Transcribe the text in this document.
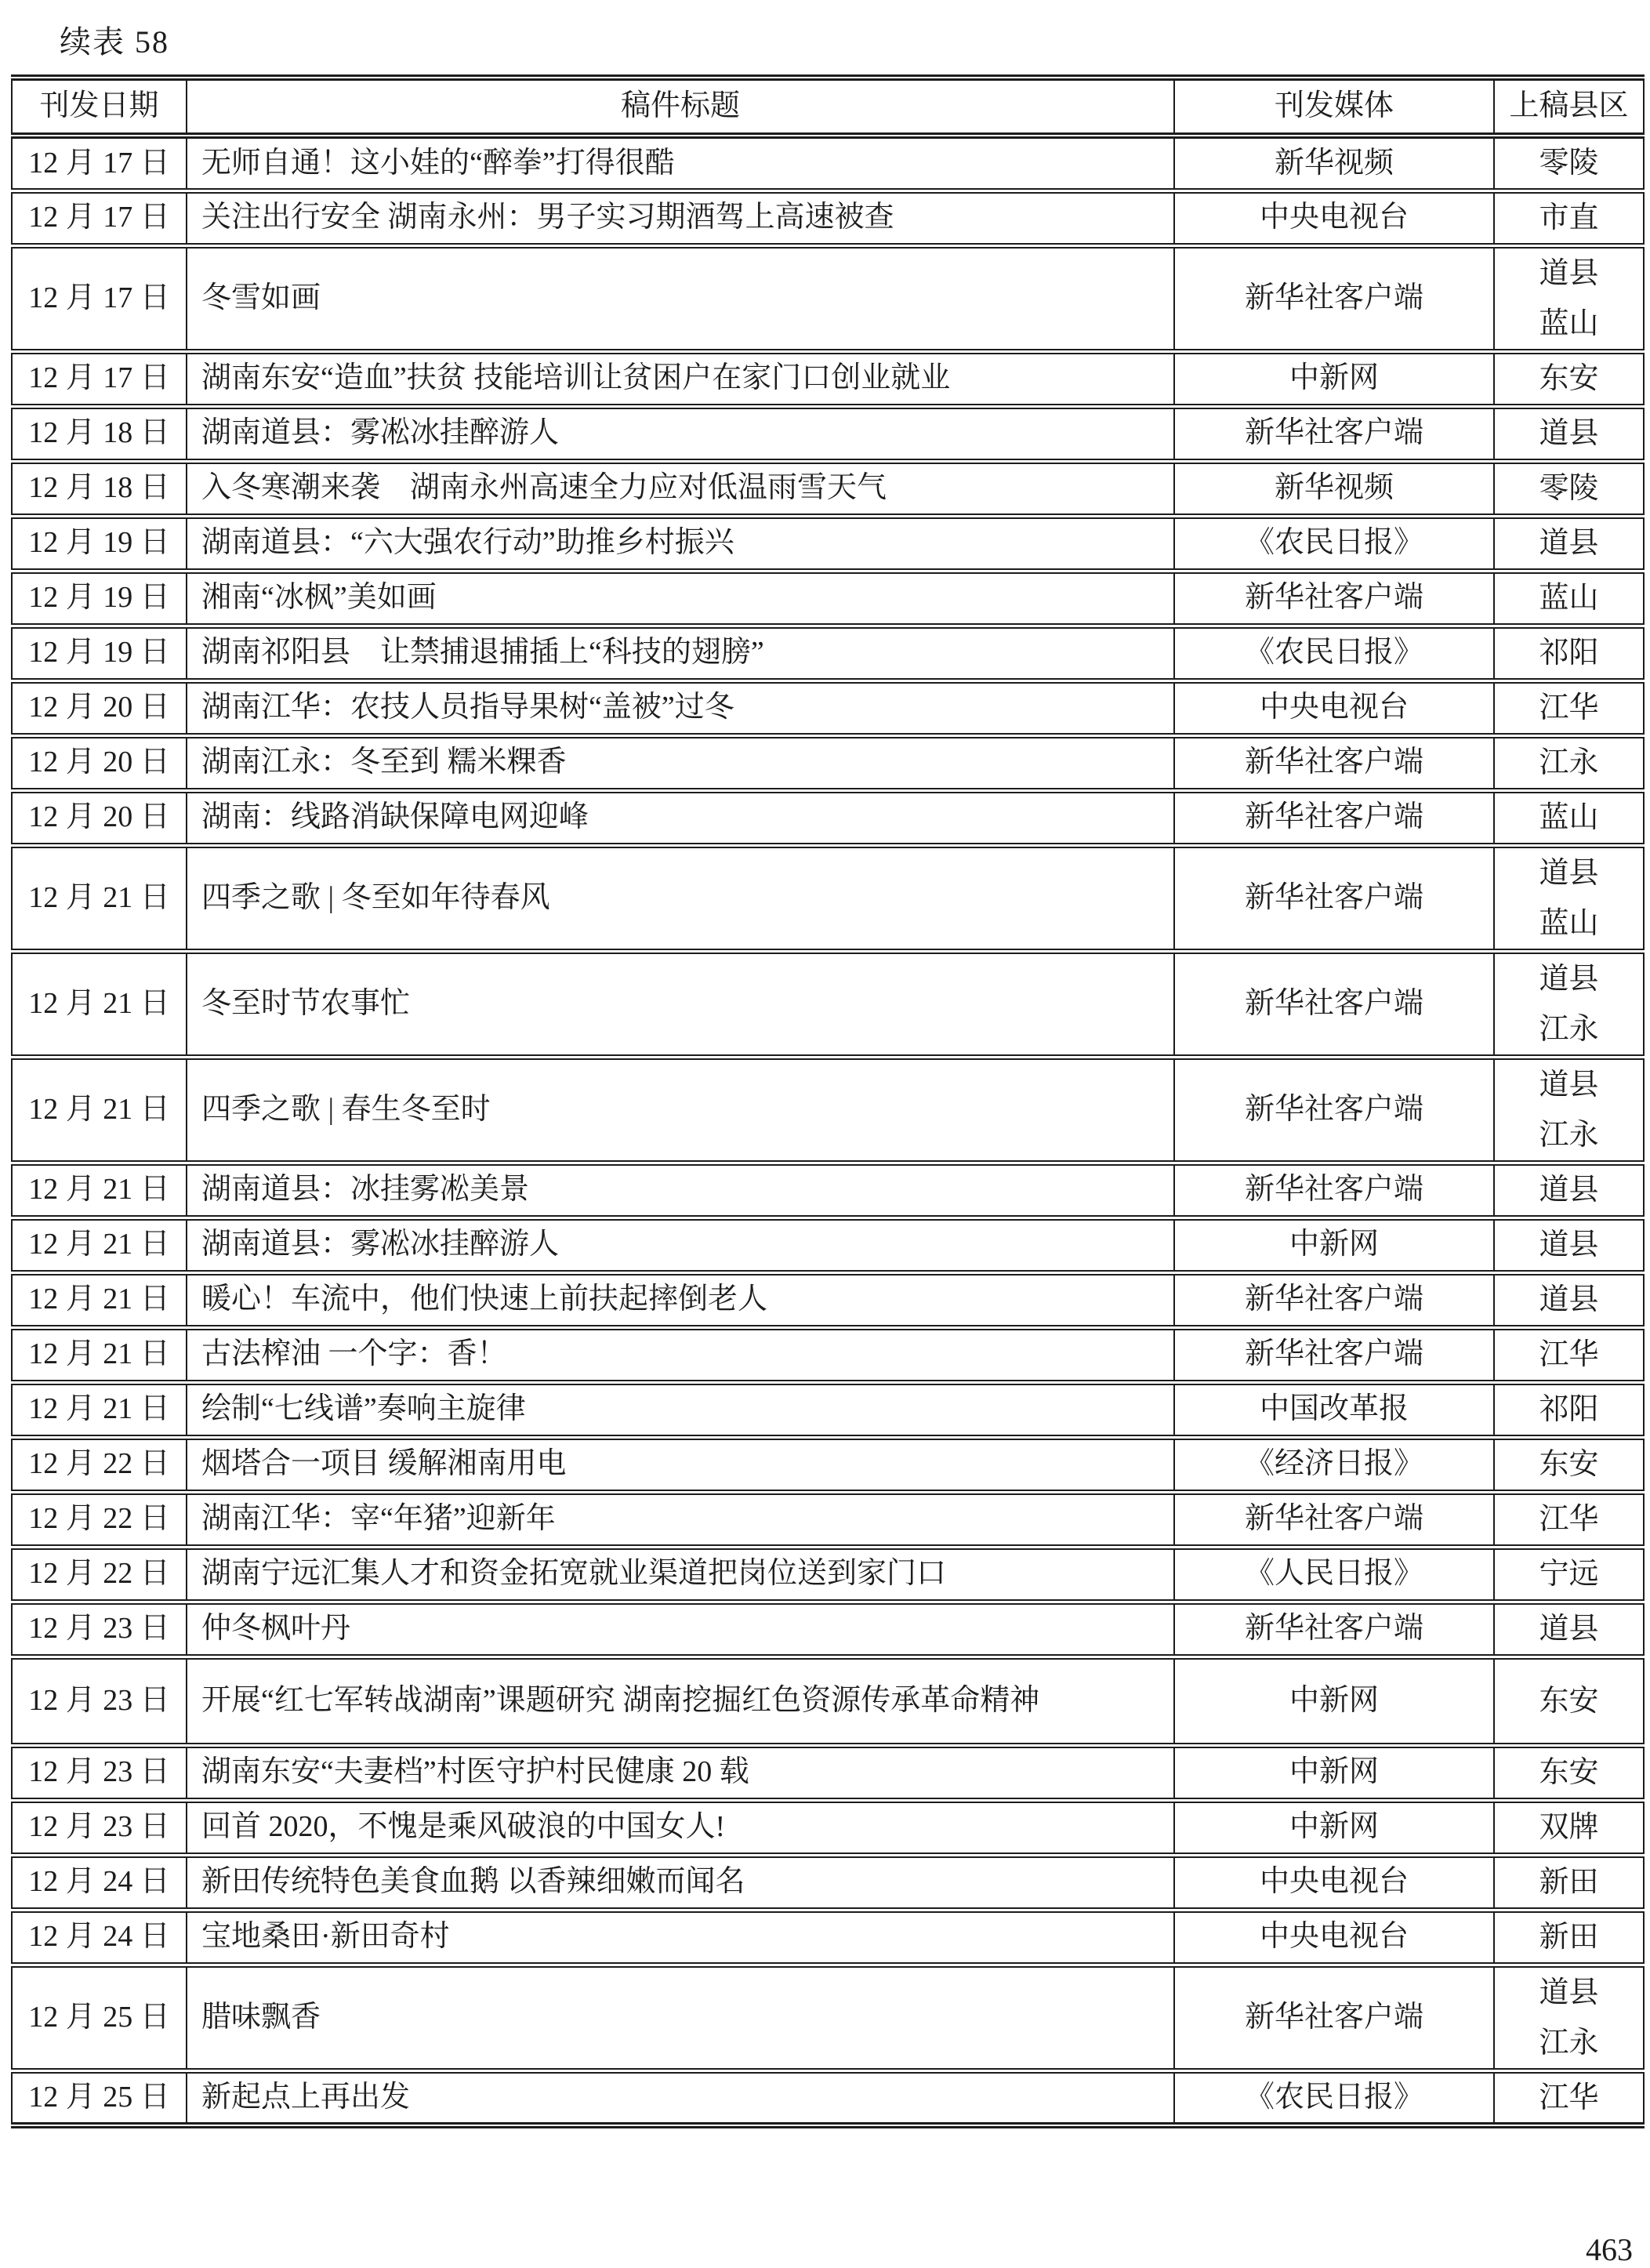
续表 58
刊发日期	稿件标题	刊发媒体	上稿县区
12 月 17 日	无师自通！这小娃的“醉拳”打得很酷	新华视频	零陵

12 月 17 日	关注出行安全 湖南永州：男子实习期酒驾上高速被查	中央电视台	市直

12 月 17 日	冬雪如画	新华社客户端	道县
蓝山

12 月 17 日	湖南东安“造血”扶贫 技能培训让贫困户在家门口创业就业	中新网	东安

12 月 18 日	湖南道县：雾凇冰挂醉游人	新华社客户端	道县

12 月 18 日	入冬寒潮来袭　湖南永州高速全力应对低温雨雪天气	新华视频	零陵

12 月 19 日	湖南道县：“六大强农行动”助推乡村振兴	《农民日报》	道县

12 月 19 日	湘南“冰枫”美如画	新华社客户端	蓝山

12 月 19 日	湖南祁阳县　让禁捕退捕插上“科技的翅膀”	《农民日报》	祁阳

12 月 20 日	湖南江华：农技人员指导果树“盖被”过冬	中央电视台	江华

12 月 20 日	湖南江永：冬至到 糯米粿香	新华社客户端	江永

12 月 20 日	湖南：线路消缺保障电网迎峰	新华社客户端	蓝山

12 月 21 日	四季之歌 | 冬至如年待春风	新华社客户端	道县
蓝山

12 月 21 日	冬至时节农事忙	新华社客户端	道县
江永

12 月 21 日	四季之歌 | 春生冬至时	新华社客户端	道县
江永

12 月 21 日	湖南道县：冰挂雾凇美景	新华社客户端	道县

12 月 21 日	湖南道县：雾凇冰挂醉游人	中新网	道县

12 月 21 日	暖心！车流中，他们快速上前扶起摔倒老人	新华社客户端	道县

12 月 21 日	古法榨油 一个字：香！	新华社客户端	江华

12 月 21 日	绘制“七线谱”奏响主旋律	中国改革报	祁阳

12 月 22 日	烟塔合一项目 缓解湘南用电	《经济日报》	东安

12 月 22 日	湖南江华：宰“年猪”迎新年	新华社客户端	江华

12 月 22 日	湖南宁远汇集人才和资金拓宽就业渠道把岗位送到家门口	《人民日报》	宁远

12 月 23 日	仲冬枫叶丹	新华社客户端	道县

12 月 23 日	开展“红七军转战湖南”课题研究 湖南挖掘红色资源传承革命精神	中新网	东安

12 月 23 日	湖南东安“夫妻档”村医守护村民健康 20 载	中新网	东安

12 月 23 日	回首 2020，不愧是乘风破浪的中国女人!	中新网	双牌

12 月 24 日	新田传统特色美食血鹅 以香辣细嫩而闻名	中央电视台	新田

12 月 24 日	宝地桑田·新田奇村	中央电视台	新田

12 月 25 日	腊味飘香	新华社客户端	道县
江永

12 月 25 日	新起点上再出发	《农民日报》	江华
463
